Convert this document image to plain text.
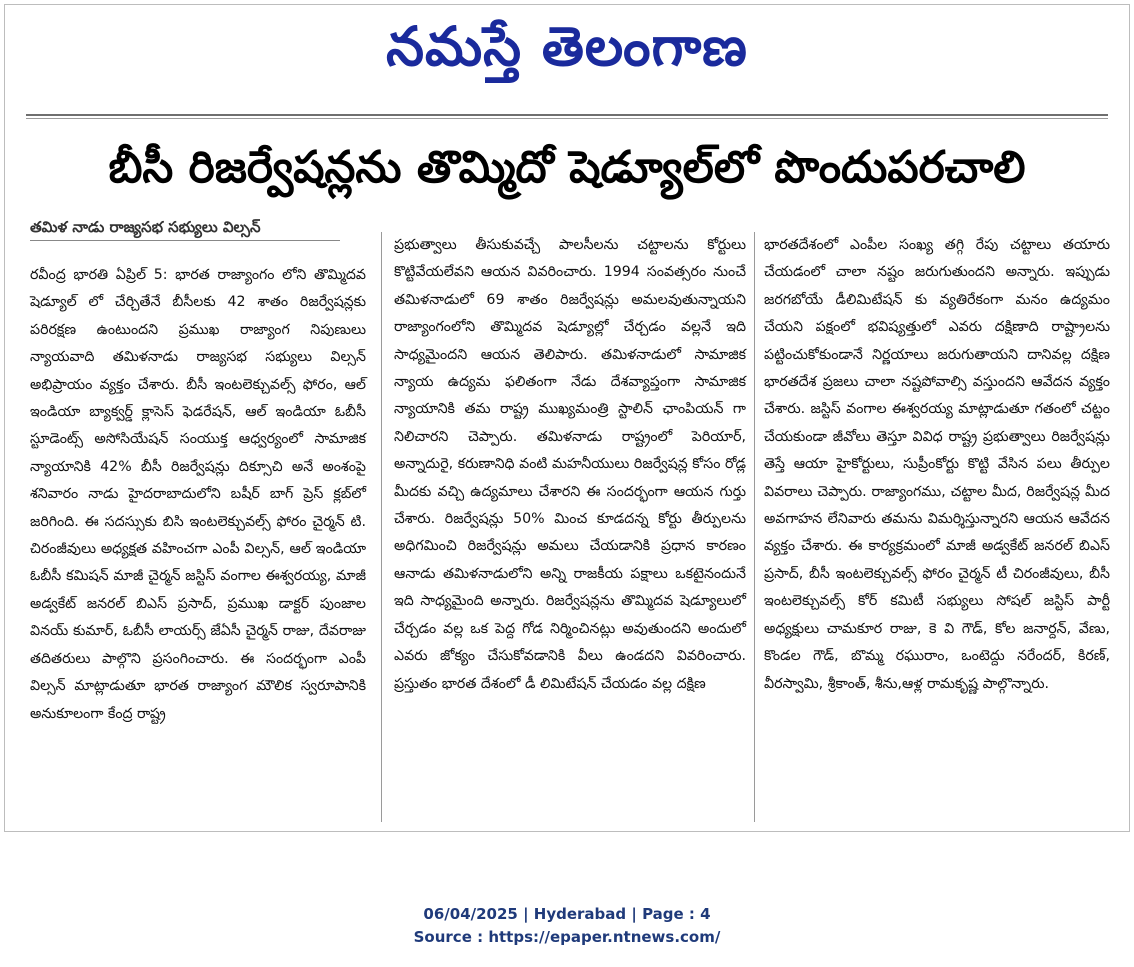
నమస్తే తెలంగాణ
బీసీ రిజర్వేషన్లను తొమ్మిదో షెడ్యూల్‌లో పొందుపరచాలి
తమిళ నాడు రాజ్యసభ సభ్యులు విల్సన్
రవీంద్ర భారతి ఏప్రిల్ 5: భారత రాజ్యాంగం లోని తొమ్మిదవ షెడ్యూల్ లో చేర్చితేనే బీసీలకు 42 శాతం రిజర్వేషన్లకు పరిరక్షణ ఉంటుందని ప్రముఖ రాజ్యాంగ నిపుణులు న్యాయవాది తమిళనాడు రాజ్యసభ సభ్యులు విల్సన్ అభిప్రాయం వ్యక్తం చేశారు. బీసీ ఇంటలెక్చువల్స్ ఫోరం, ఆల్ ఇండియా బ్యాక్వర్డ్ క్లాసెస్ ఫెడరేషన్, ఆల్ ఇండియా ఓబీసీ స్టూడెంట్స్ అసోసియేషన్ సంయుక్త ఆధ్వర్యంలో సామాజిక న్యాయానికి 42% బీసీ రిజర్వేషన్లు దిక్సూచి అనే అంశంపై శనివారం నాడు హైదరాబాదులోని బషీర్ బాగ్ ప్రెస్ క్లబ్‌లో జరిగింది. ఈ సదస్సుకు బిసి ఇంటలెక్చువల్స్ ఫోరం చైర్మన్ టి. చిరంజీవులు అధ్యక్షత వహించగా ఎంపీ విల్సన్, ఆల్ ఇండియా ఓబీసీ కమిషన్ మాజీ చైర్మన్ జస్టిస్ వంగాల ఈశ్వరయ్య, మాజీ అడ్వకేట్ జనరల్ బిఎస్ ప్రసాద్, ప్రముఖ డాక్టర్ పుంజాల వినయ్ కుమార్, ఓబీసీ లాయర్స్ జేఏసీ చైర్మన్ రాజు, దేవరాజు తదితరులు పాల్గొని ప్రసంగించారు. ఈ సందర్భంగా ఎంపీ విల్సన్ మాట్లాడుతూ భారత రాజ్యాంగ మౌలిక స్వరూపానికి అనుకూలంగా కేంద్ర రాష్ట్ర
ప్రభుత్వాలు తీసుకువచ్చే పాలసీలను చట్టాలను కోర్టులు కొట్టివేయలేవని ఆయన వివరించారు. 1994 సంవత్సరం నుంచే తమిళనాడులో 69 శాతం రిజర్వేషన్లు అమలవుతున్నాయని రాజ్యాంగంలోని తొమ్మిదవ షెడ్యూల్లో చేర్చడం వల్లనే ఇది సాధ్యమైందని ఆయన తెలిపారు. తమిళనాడులో సామాజిక న్యాయ ఉద్యమ ఫలితంగా నేడు దేశవ్యాప్తంగా సామాజిక న్యాయానికి తమ రాష్ట్ర ముఖ్యమంత్రి స్టాలిన్ ఛాంపియన్ గా నిలిచారని చెప్పారు. తమిళనాడు రాష్ట్రంలో పెరియార్, అన్నాదురై, కరుణానిధి వంటి మహనీయులు రిజర్వేషన్ల కోసం రోడ్ల మీదకు వచ్చి ఉద్యమాలు చేశారని ఈ సందర్భంగా ఆయన గుర్తు చేశారు. రిజర్వేషన్లు 50% మించ కూడదన్న కోర్టు తీర్పులను అధిగమించి రిజర్వేషన్లు అమలు చేయడానికి ప్రధాన కారణం ఆనాడు తమిళనాడులోని అన్ని రాజకీయ పక్షాలు ఒకటైనందునే ఇది సాధ్యమైంది అన్నారు. రిజర్వేషన్లను తొమ్మిదవ షెడ్యూలులో చేర్చడం వల్ల ఒక పెద్ద గోడ నిర్మించినట్లు అవుతుందని అందులో ఎవరు జోక్యం చేసుకోవడానికి వీలు ఉండదని వివరించారు. ప్రస్తుతం భారత దేశంలో డీ లిమిటేషన్ చేయడం వల్ల దక్షిణ
భారతదేశంలో ఎంపీల సంఖ్య తగ్గి రేపు చట్టాలు తయారు చేయడంలో చాలా నష్టం జరుగుతుందని అన్నారు. ఇప్పుడు జరగబోయే డీలిమిటేషన్ కు వ్యతిరేకంగా మనం ఉద్యమం చేయని పక్షంలో భవిష్యత్తులో ఎవరు దక్షిణాది రాష్ట్రాలను పట్టించుకోకుండానే నిర్ణయాలు జరుగుతాయని దానివల్ల దక్షిణ భారతదేశ ప్రజలు చాలా నష్టపోవాల్సి వస్తుందని ఆవేదన వ్యక్తం చేశారు. జస్టిస్ వంగాల ఈశ్వరయ్య మాట్లాడుతూ గతంలో చట్టం చేయకుండా జీవోలు తెస్తూ వివిధ రాష్ట్ర ప్రభుత్వాలు రిజర్వేషన్లు తెస్తే ఆయా హైకోర్టులు, సుప్రీంకోర్టు కొట్టి వేసిన పలు తీర్పుల వివరాలు చెప్పారు. రాజ్యాంగము, చట్టాల మీద, రిజర్వేషన్ల మీద అవగాహన లేనివారు తమను విమర్శిస్తున్నారని ఆయన ఆవేదన వ్యక్తం చేశారు. ఈ కార్యక్రమంలో మాజీ అడ్వకేట్ జనరల్ బిఎస్ ప్రసాద్, బీసీ ఇంటలెక్చువల్స్ ఫోరం చైర్మన్ టీ చిరంజీవులు, బీసీ ఇంటలెక్చువల్స్ కోర్ కమిటీ సభ్యులు సోషల్ జస్టిస్ పార్టీ అధ్యక్షులు చామకూర రాజు, కె వి గౌడ్, కోల జనార్దన్, వేణు, కొండల గౌడ్, బొమ్మ రఘురాం, ఒంటెద్దు నరేందర్, కిరణ్, వీరస్వామి, శ్రీకాంత్, శీను,ఆళ్ల రామకృష్ణ పాల్గొన్నారు.
06/04/2025 | Hyderabad | Page : 4
Source : https://epaper.ntnews.com/
